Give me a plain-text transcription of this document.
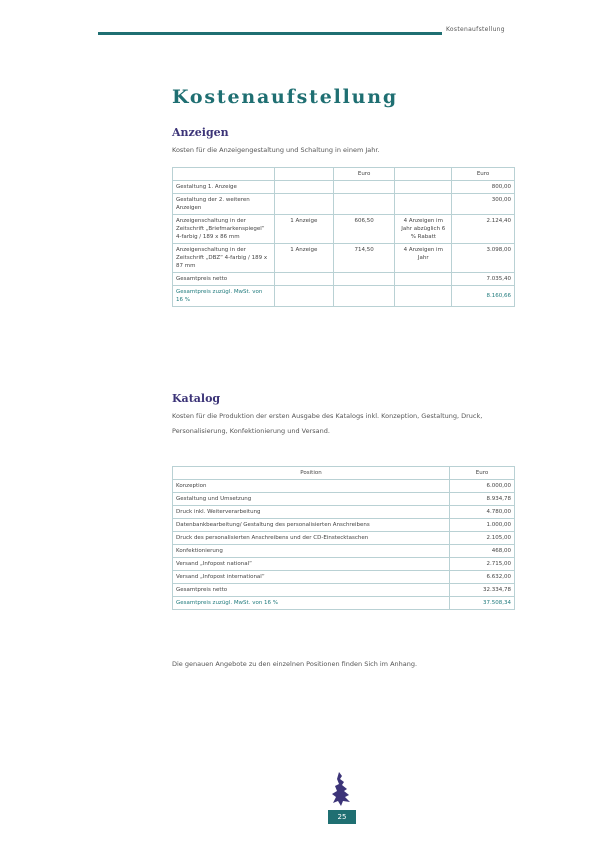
Kostenaufstellung
Kostenaufstellung
Anzeigen

Kosten für die Anzeigengestaltung und Schaltung in einem Jahr.

		Euro		Euro
Gestaltung 1. Anzeige				800,00
Gestaltung der 2. weiteren Anzeigen				300,00
Anzeigenschaltung in der Zeitschrift „Briefmarkenspiegel“ 4-farbig / 189 x 86 mm	1 Anzeige	606,50	4 Anzeigen im Jahr abzüglich 6 % Rabatt	2.124,40
Anzeigenschaltung in der Zeitschrift „DBZ“ 4-farbig / 189 x 87 mm	1 Anzeige	714,50	4 Anzeigen im Jahr	3.098,00
Gesamtpreis netto				7.035,40
Gesamtpreis zuzügl. MwSt. von 16 %				8.160,66
Katalog

Kosten für die Produktion der ersten Ausgabe des Katalogs inkl. Konzeption, Gestaltung, Druck, Personalisierung, Konfektionierung und Versand.

Position	Euro
Konzeption	6.000,00
Gestaltung und Umsetzung	8.934,78
Druck inkl. Weiterverarbeitung	4.780,00
Datenbankbearbeitung/ Gestaltung des personalisierten Anschreibens	1.000,00
Druck des personalisierten Anschreibens und der CD-Einstecktaschen	2.105,00
Konfektionierung	468,00
Versand „Infopost national“	2.715,00
Versand „Infopost international“	6.632,00
Gesamtpreis netto	32.334,78
Gesamtpreis zuzügl. MwSt. von 16 %	37.508,34

Die genauen Angebote zu den einzelnen Positionen finden Sich im Anhang.

25
